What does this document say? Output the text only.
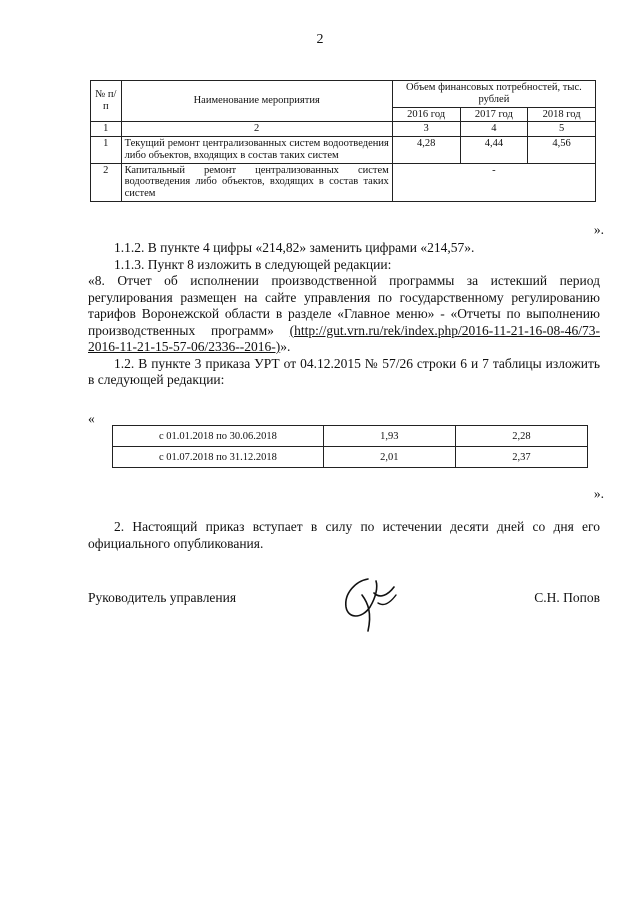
2
№ п/п	Наименование мероприятия	Объем финансовых потребностей, тыс. рублей		
		2016 год	2017 год	2018 год
1	2	3	4	5
1	Текущий ремонт централизованных систем водоотведения либо объектов, входящих в состав таких систем	4,28	4,44	4,56
2	Капитальный ремонт централизованных систем водоотведения либо объектов, входящих в состав таких систем	-		
».

1.1.2. В пункте 4 цифры «214,82» заменить цифрами «214,57».

1.1.3. Пункт 8 изложить в следующей редакции:

«8. Отчет об исполнении производственной программы за истекший период регулирования размещен на сайте управления по государственному регулированию тарифов Воронежской области в разделе «Главное меню» - «Отчеты по выполнению производственных программ» (http://gut.vrn.ru/rek/index.php/2016-11-21-16-08-46/73-2016-11-21-15-57-06/2336--2016-)».

1.2. В пункте 3 приказа УРТ от 04.12.2015 № 57/26 строки 6 и 7 таблицы изложить в следующей редакции:

«
с 01.01.2018 по 30.06.2018	1,93	2,28
с 01.07.2018 по 31.12.2018	2,01	2,37
».
2. Настоящий приказ вступает в силу по истечении десяти дней со дня его официального опубликования.
Руководитель управления	С.Н. Попов
